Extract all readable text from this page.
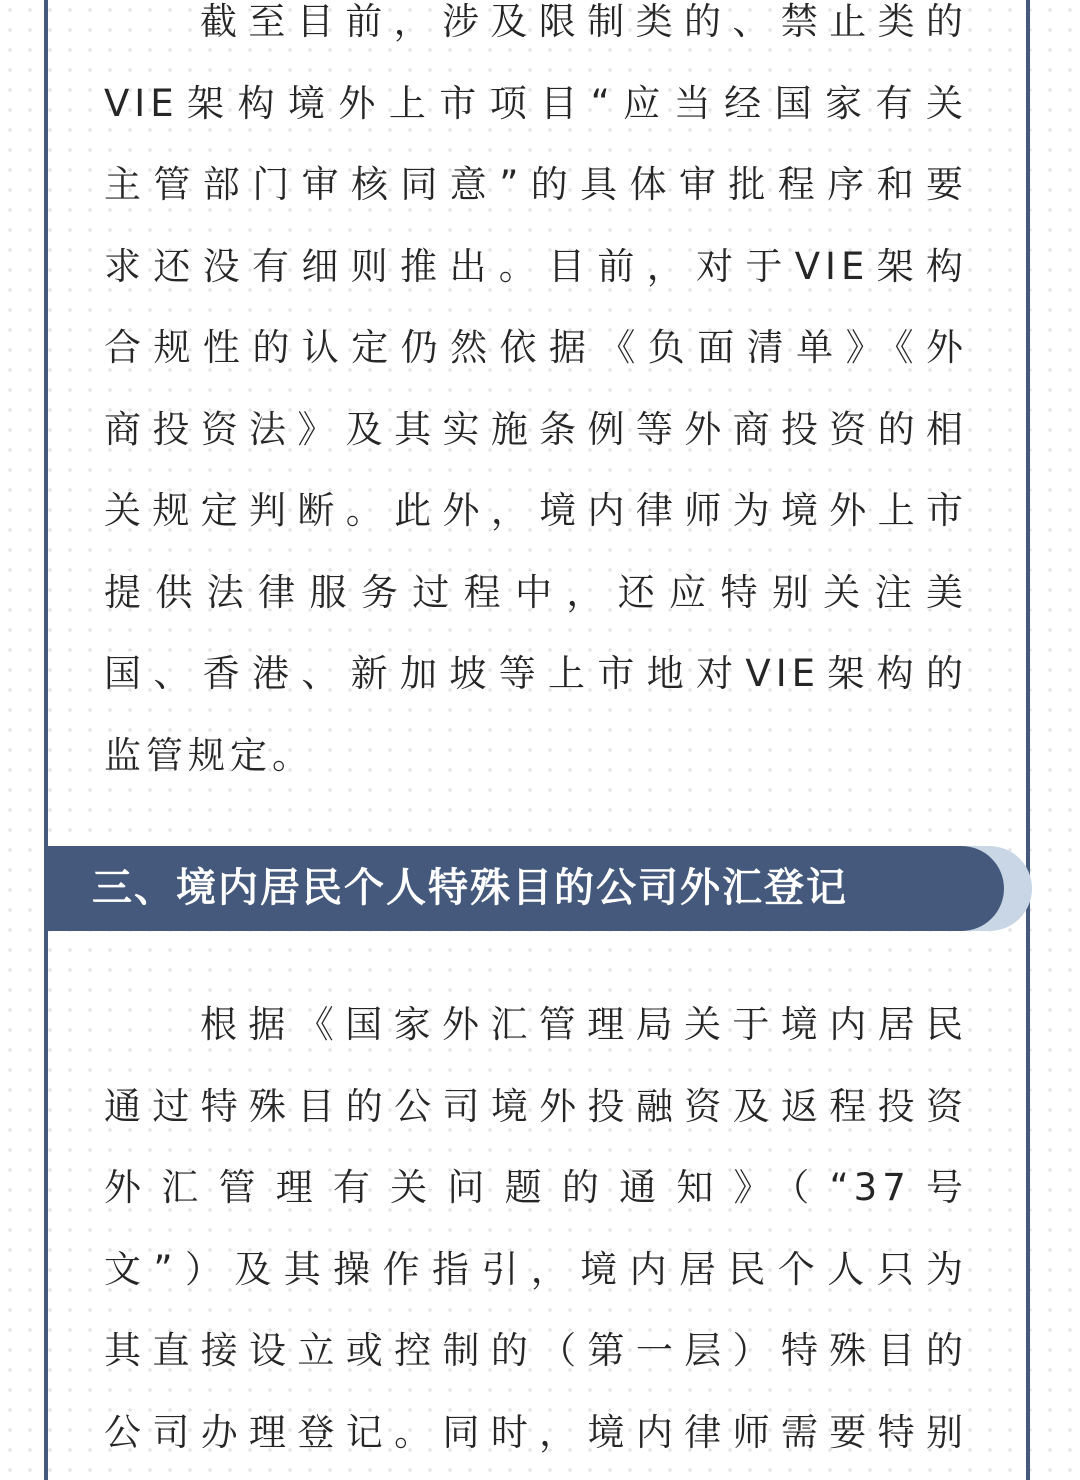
截至目前，涉及限制类的、禁止类的
VIE架构境外上市项目“应当经国家有关
主管部门审核同意”的具体审批程序和要
求还没有细则推出。目前，对于VIE架构
合规性的认定仍然依据《负面清单》《外
商投资法》及其实施条例等外商投资的相
关规定判断。此外，境内律师为境外上市
提供法律服务过程中，还应特别关注美
国、香港、新加坡等上市地对VIE架构的
监管规定。
三、境内居民个人特殊目的公司外汇登记
根据《国家外汇管理局关于境内居民
通过特殊目的公司境外投融资及返程投资
外汇管理有关问题的通知》（“37号
文”）及其操作指引，境内居民个人只为
其直接设立或控制的（第一层）特殊目的
公司办理登记。同时，境内律师需要特别
